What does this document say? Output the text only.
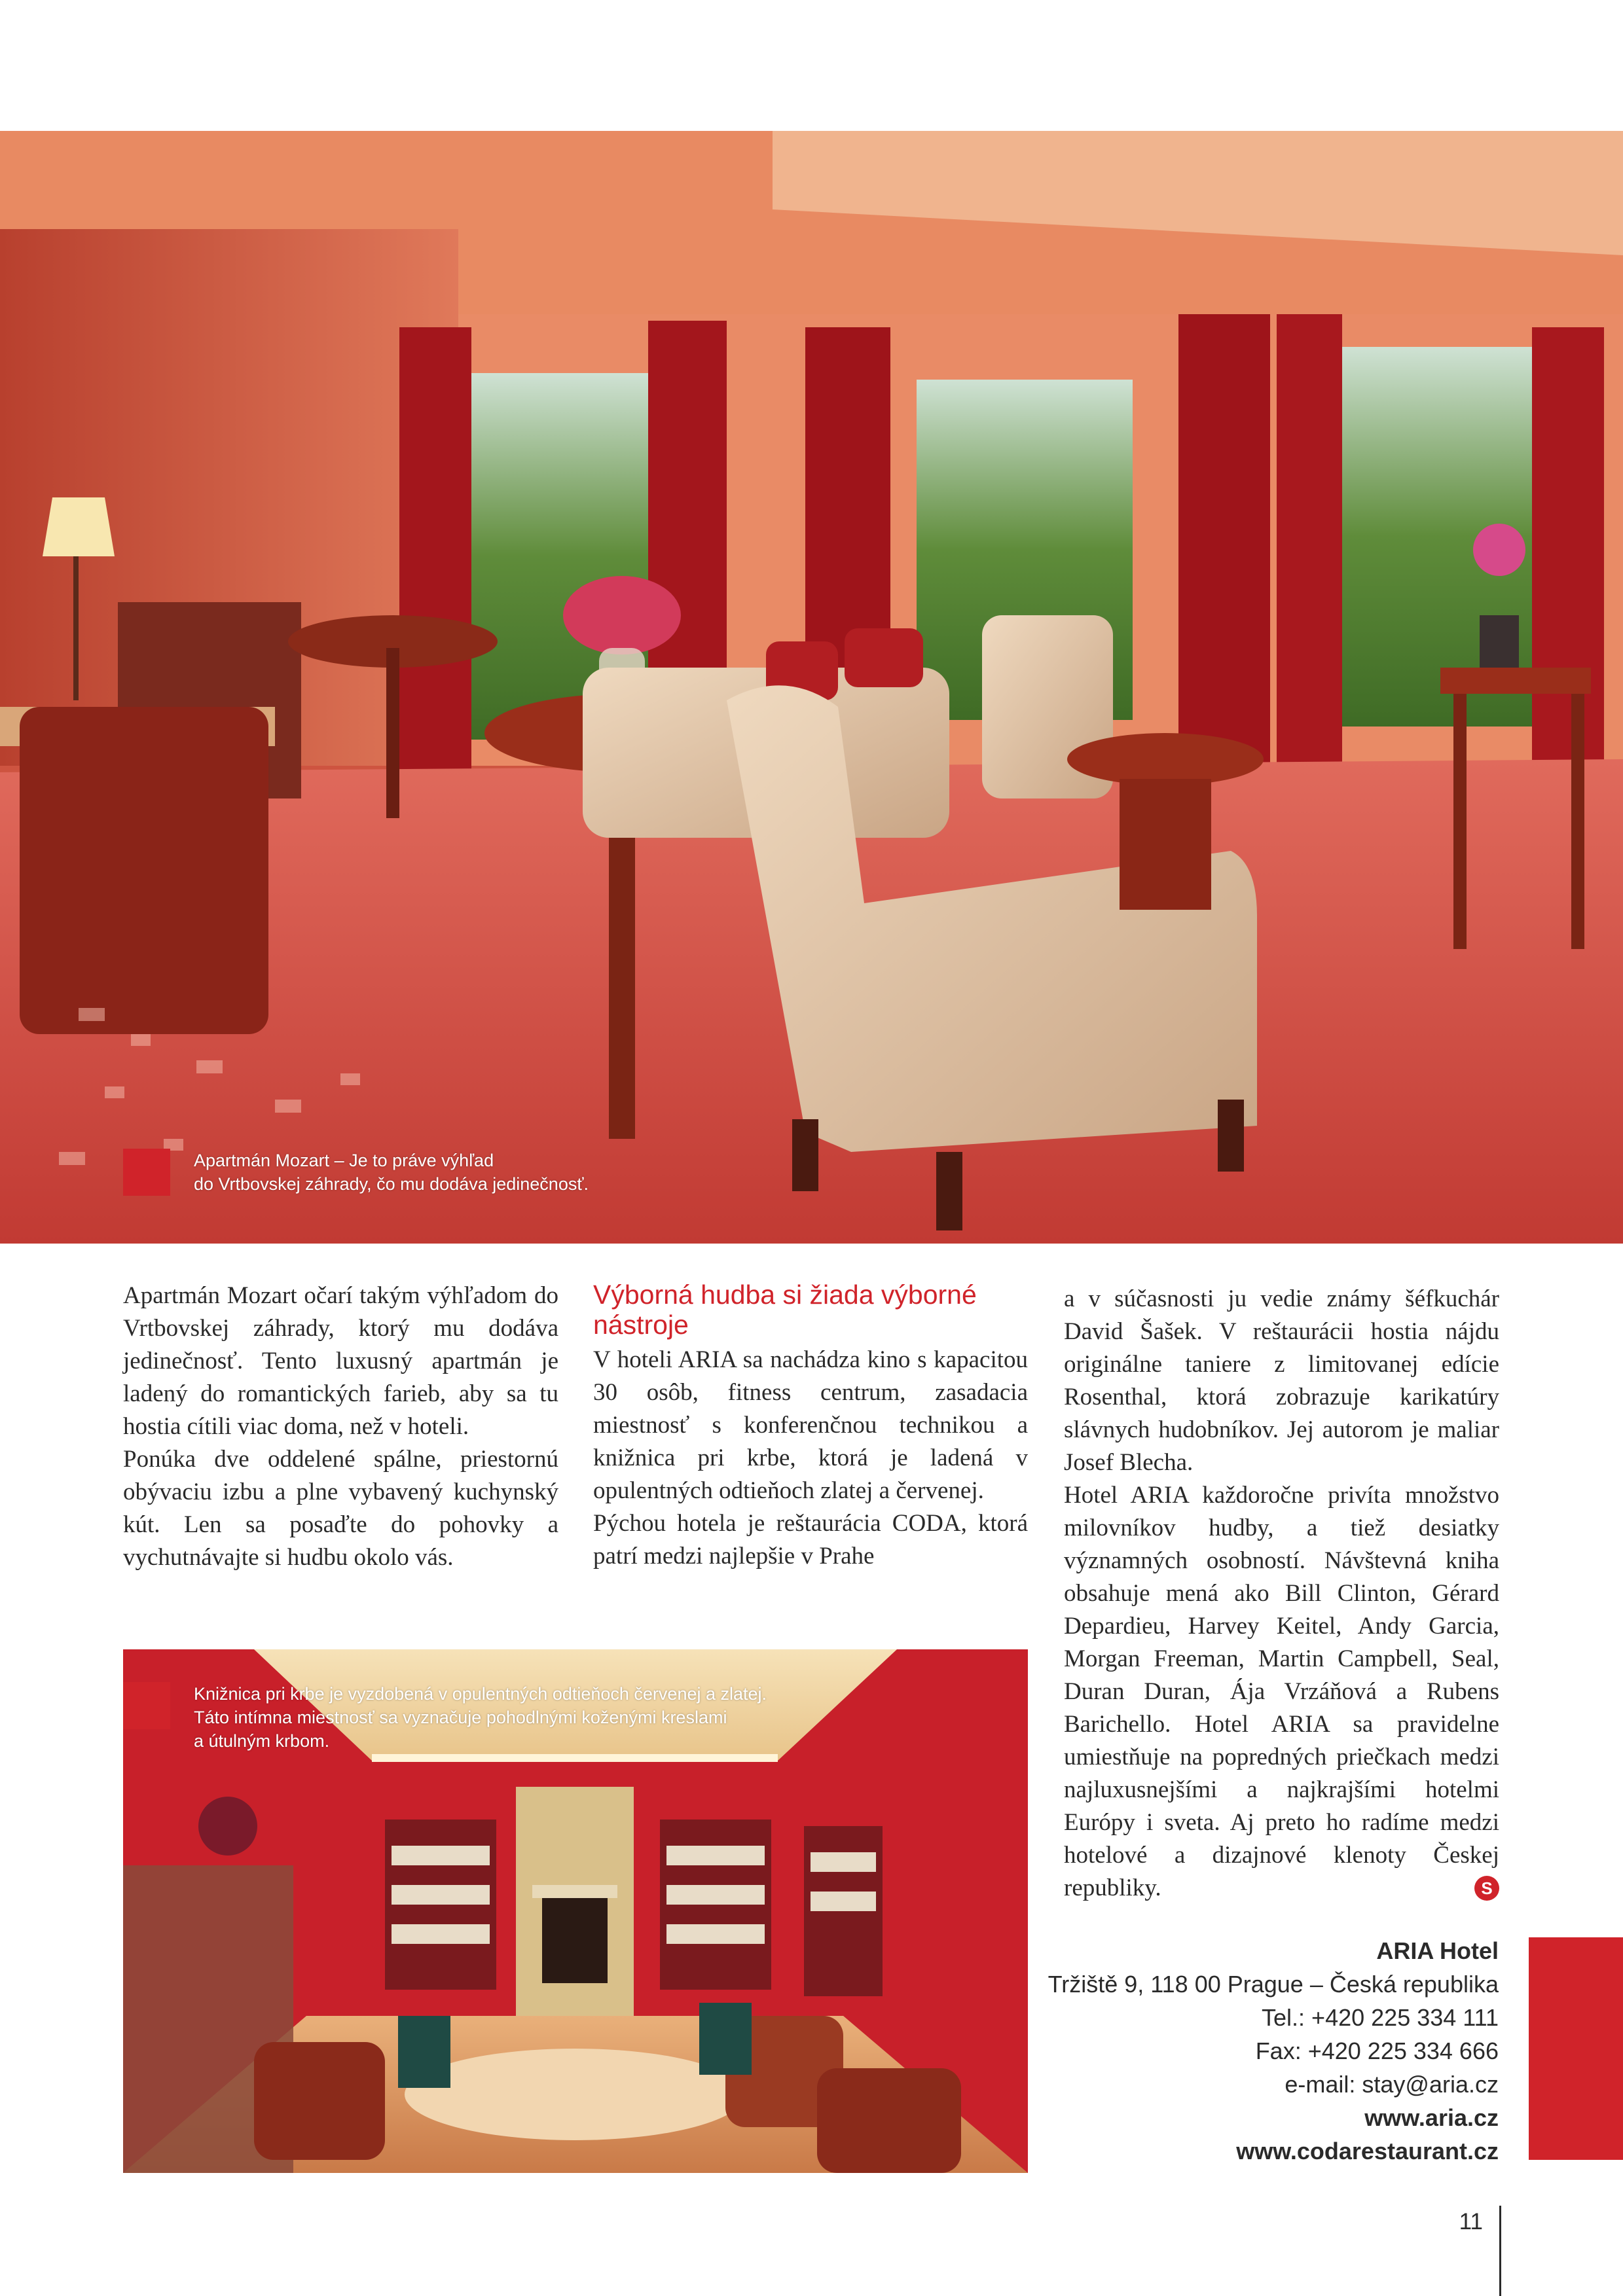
Apartmán Mozart – Je to práve výhľad
do Vrtbovskej záhrady, čo mu dodáva jedinečnosť.

Apartmán Mozart očarí takým výhľadom do Vrtbovskej záhrady, ktorý mu dodáva jedinečnosť. Tento luxusný apartmán je ladený do romantických farieb, aby sa tu hostia cítili viac doma, než v hoteli.

Ponúka dve oddelené spálne, priestornú obývaciu izbu a plne vybavený kuchynský kút. Len sa posaďte do pohovky a vychutnávajte si hudbu okolo vás.

Výborná hudba si žiada výborné nástroje

V hoteli ARIA sa nachádza kino s kapacitou 30 osôb, fitness centrum, zasadacia miestnosť s konferenčnou technikou a knižnica pri krbe, ktorá je ladená v opulentných odtieňoch zlatej a červenej.

Pýchou hotela je reštaurácia CODA, ktorá patrí medzi najlepšie v Prahe

a v súčasnosti ju vedie známy šéfkuchár David Šašek. V reštaurácii hostia nájdu originálne taniere z limitovanej edície Rosenthal, ktorá zobrazuje karikatúry slávnych hudobníkov. Jej autorom je maliar Josef Blecha.

Hotel ARIA každoročne privíta množstvo milovníkov hudby, a tiež desiatky významných osobností. Návštevná kniha obsahuje mená ako Bill Clinton, Gérard Depardieu, Harvey Keitel, Andy Garcia, Morgan Freeman, Martin Campbell, Seal, Duran Duran, Ája Vrzáňová a Rubens Barichello. Hotel ARIA sa pravidelne umiestňuje na popredných priečkach medzi najluxusnejšími a najkrajšími hotelmi Európy i sveta. Aj preto ho radíme medzi hotelové a dizajnové klenoty Českej republiky.	S

Knižnica pri krbe je vyzdobená v opulentných odtieňoch červenej a zlatej.
Táto intímna miestnosť sa vyznačuje pohodlnými koženými kreslami
a útulným krbom.
ARIA Hotel
Tržiště 9, 118 00 Prague – Česká republika
Tel.: +420 225 334 111
Fax: +420 225 334 666
e-mail: stay@aria.cz
www.aria.cz
www.codarestaurant.cz
11
